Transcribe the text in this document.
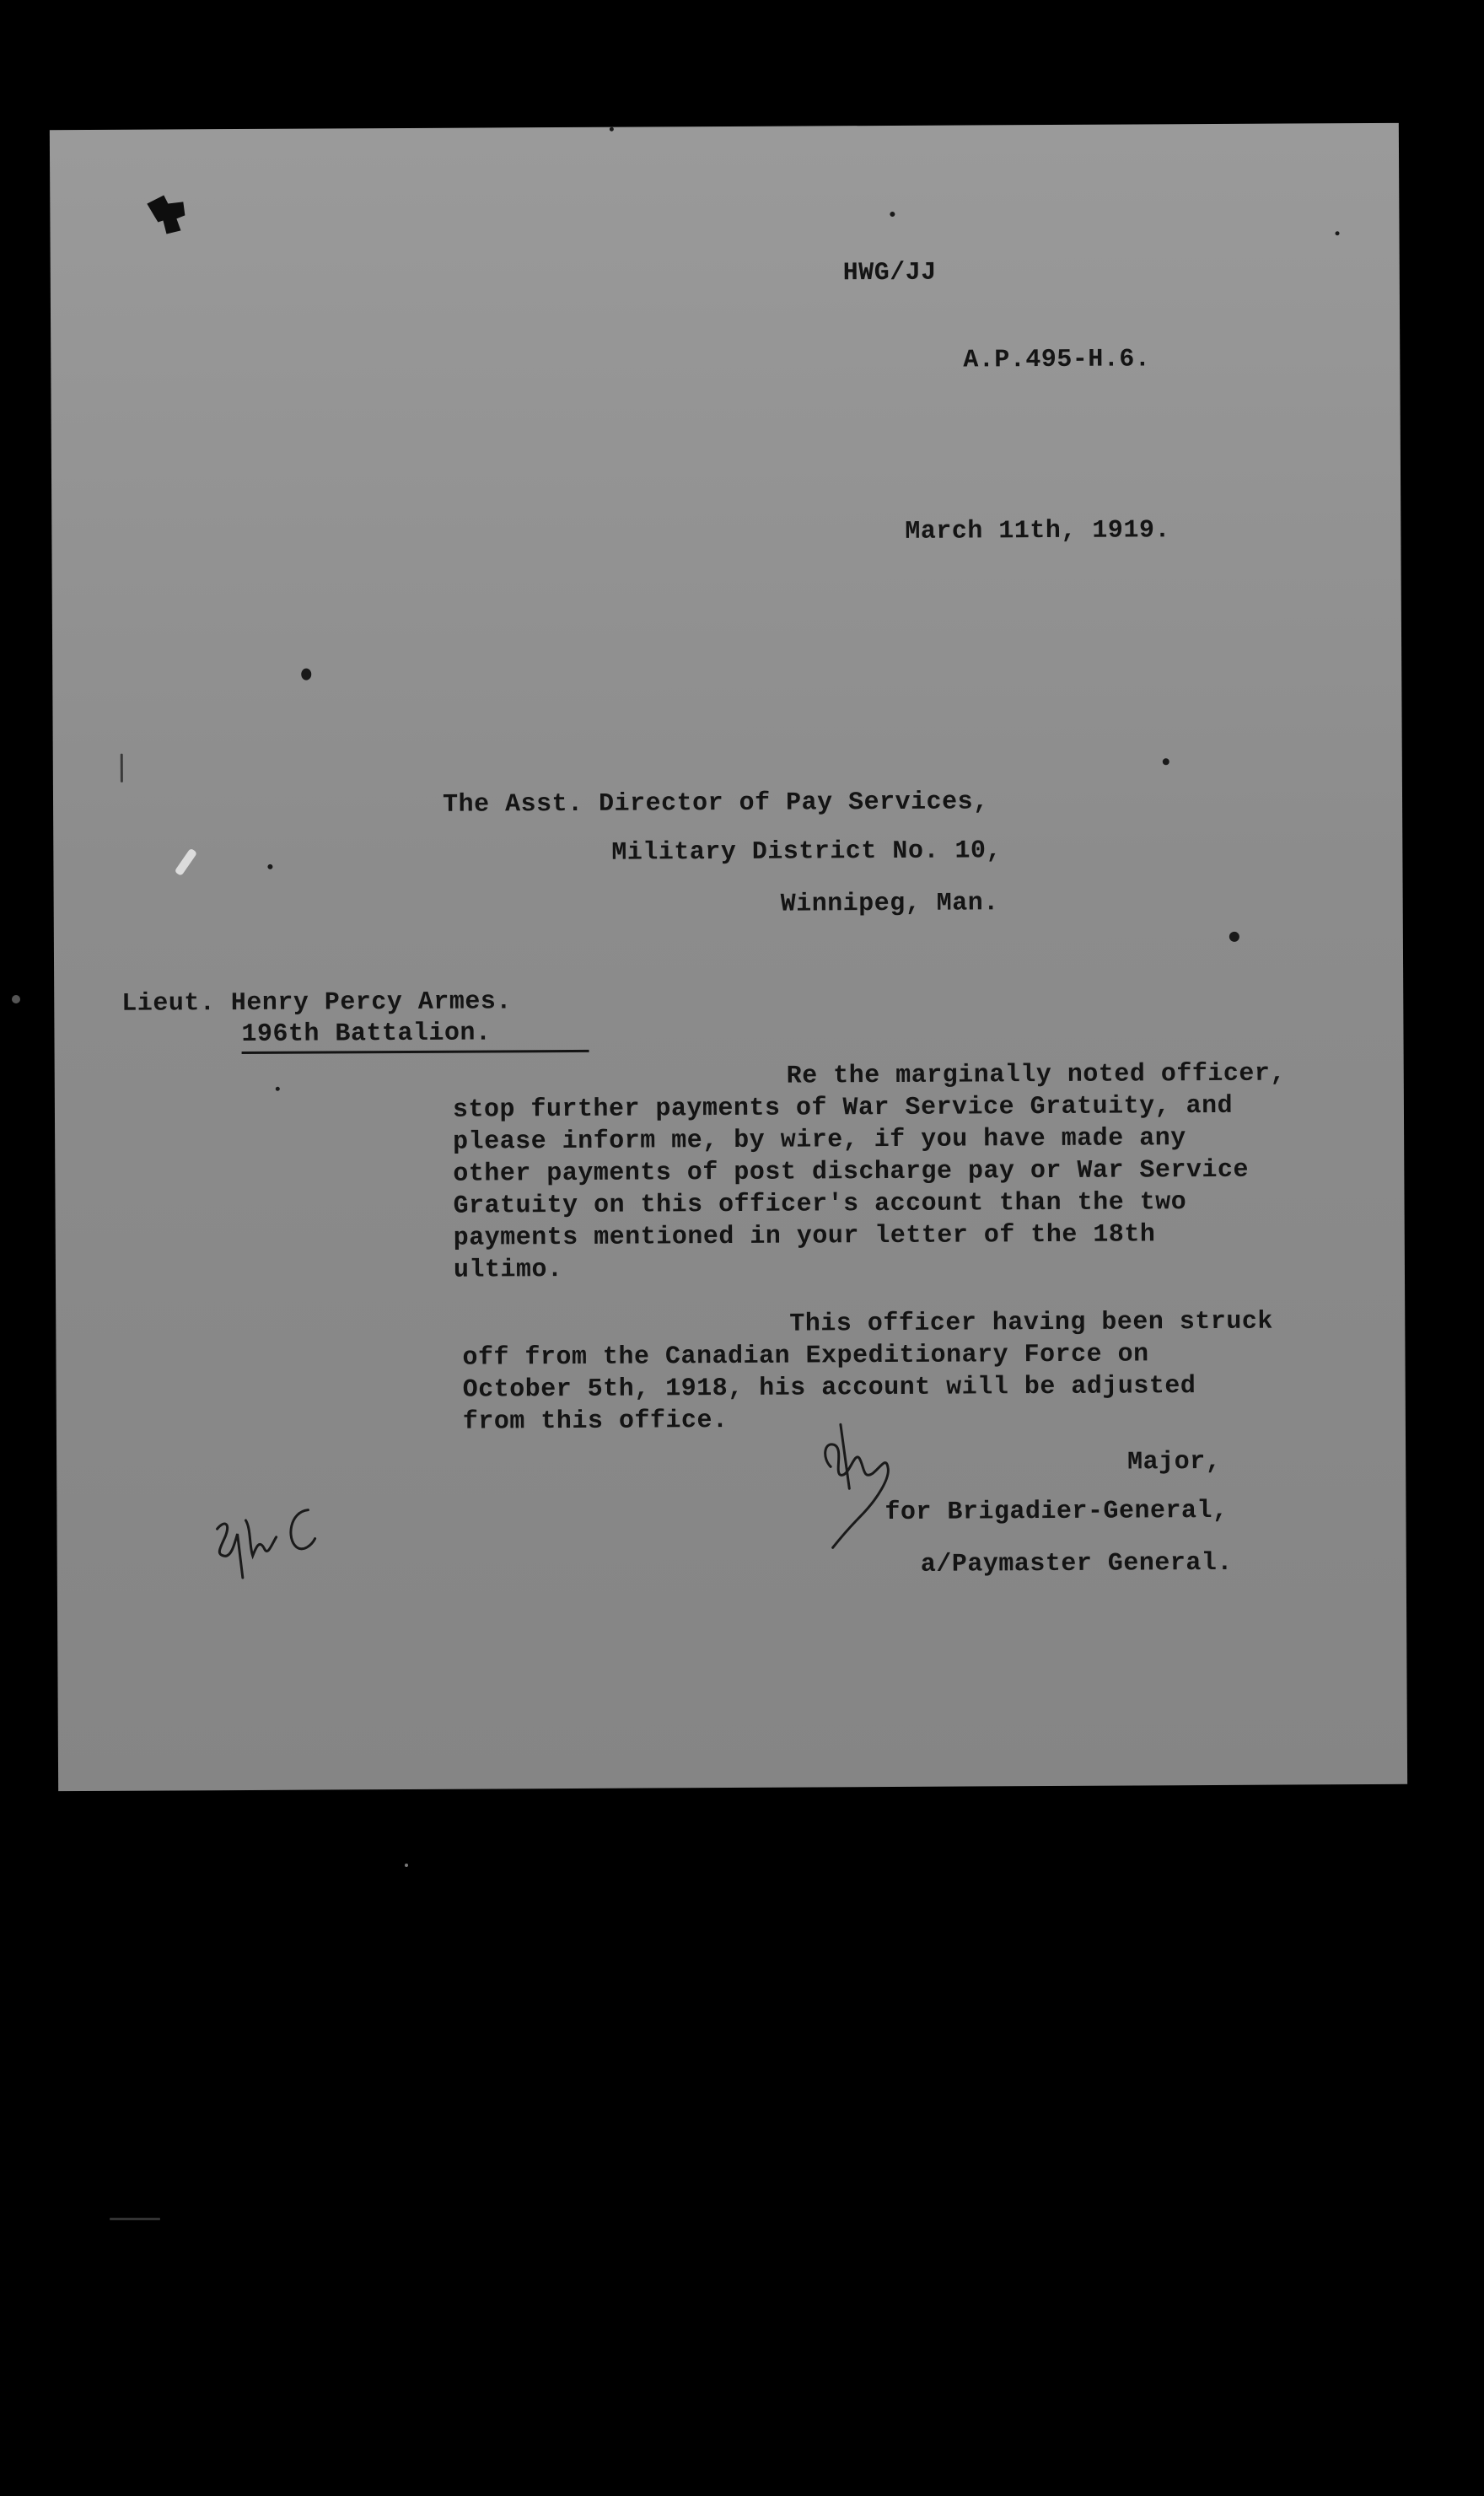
HWG/JJ
A.P.495-H.6.
March 11th, 1919.
The Asst. Director of Pay Services,
Military District No. 10,
Winnipeg, Man.
Lieut. Henry Percy Armes.
196th Battalion.
Re the marginally noted officer,
stop further payments of War Service Gratuity, and
please inform me, by wire, if you have made any
other payments of post discharge pay or War Service
Gratuity on this officer's account than the two
payments mentioned in your letter of the 18th
ultimo.
This officer having been struck
off from the Canadian Expeditionary Force on
October 5th, 1918, his account will be adjusted
from this office.
Major,
for Brigadier-General,
a/Paymaster General.
